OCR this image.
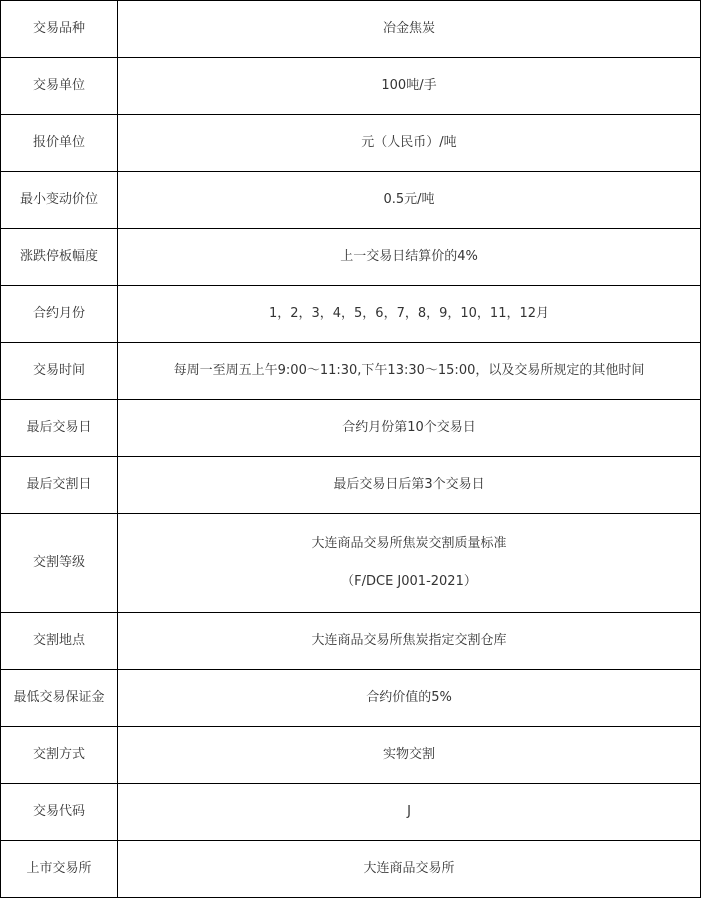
交易品种	冶金焦炭
交易单位	100吨/手
报价单位	元（人民币）/吨
最小变动价位	0.5元/吨
涨跌停板幅度	上一交易日结算价的4%
合约月份	1，2，3，4，5，6，7，8，9，10，11，12月
交易时间	每周一至周五上午9:00～11:30,下午13:30～15:00，以及交易所规定的其他时间
最后交易日	合约月份第10个交易日
最后交割日	最后交易日后第3个交易日
交割等级	大连商品交易所焦炭交割质量标准
（F/DCE J001-2021）

交割地点	大连商品交易所焦炭指定交割仓库
最低交易保证金	合约价值的5%
交割方式	实物交割
交易代码	J
上市交易所	大连商品交易所
